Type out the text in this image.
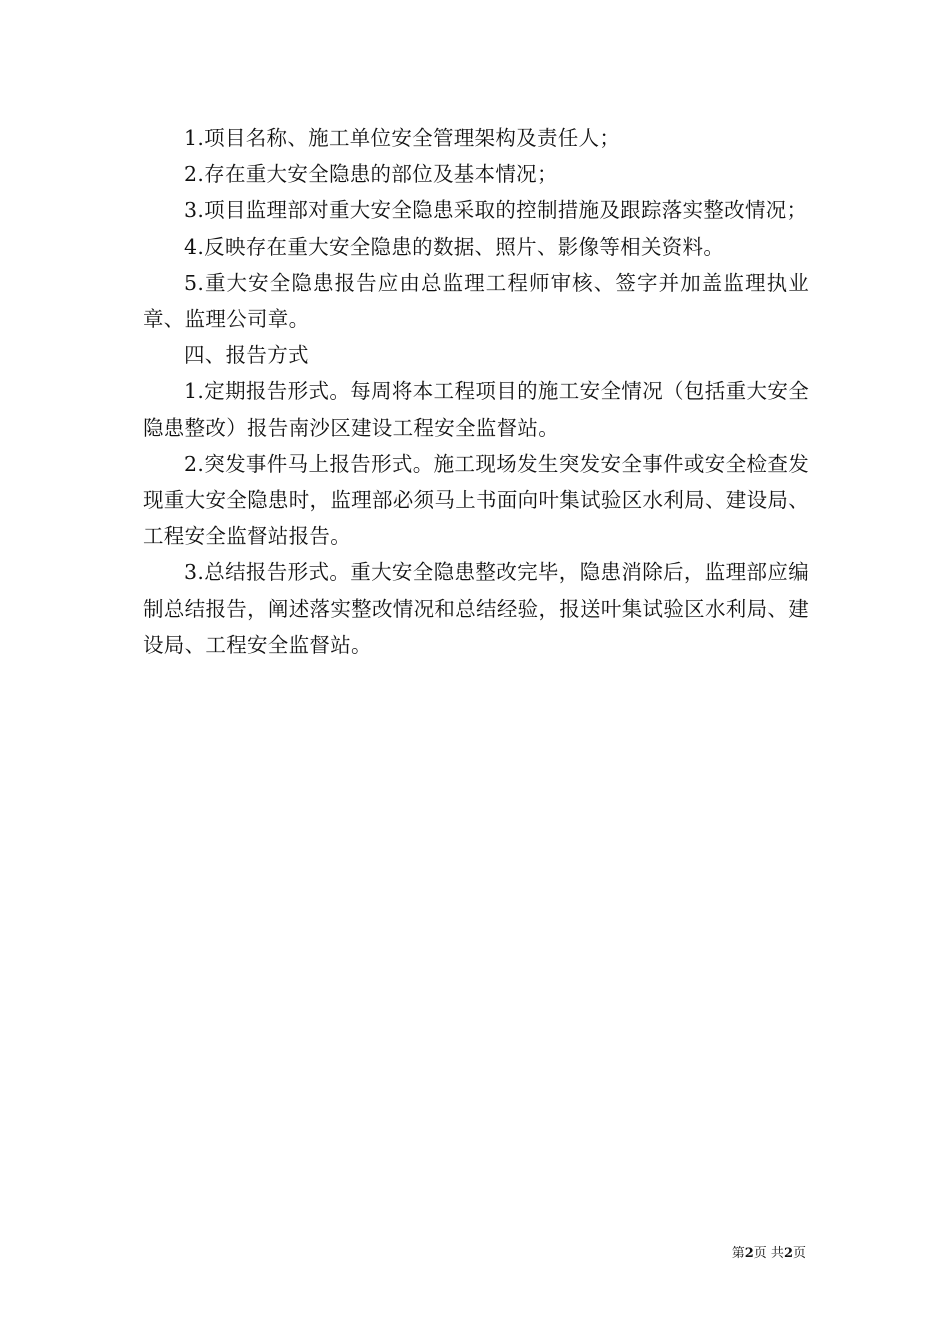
1.项目名称、施工单位安全管理架构及责任人；

2.存在重大安全隐患的部位及基本情况；

3.项目监理部对重大安全隐患采取的控制措施及跟踪落实整改情况；

4.反映存在重大安全隐患的数据、照片、影像等相关资料。

5.重大安全隐患报告应由总监理工程师审核、签字并加盖监理执业章、监理公司章。

四、报告方式

1.定期报告形式。每周将本工程项目的施工安全情况（包括重大安全隐患整改）报告南沙区建设工程安全监督站。

2.突发事件马上报告形式。施工现场发生突发安全事件或安全检查发现重大安全隐患时，监理部必须马上书面向叶集试验区水利局、建设局、工程安全监督站报告。

3.总结报告形式。重大安全隐患整改完毕，隐患消除后，监理部应编制总结报告，阐述落实整改情况和总结经验，报送叶集试验区水利局、建设局、工程安全监督站。

第2页 共2页
